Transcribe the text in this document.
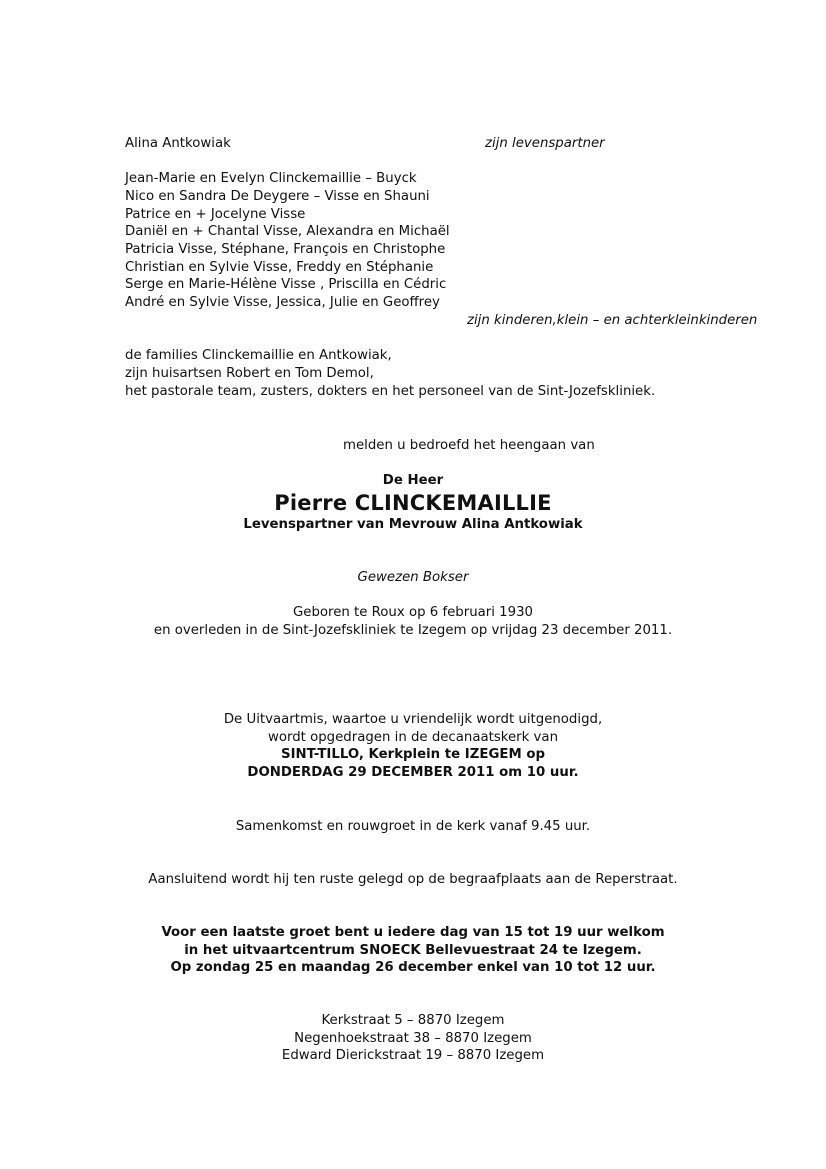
Alina Antkowiak	zijn levenspartner
Jean-Marie en Evelyn Clinckemaillie – Buyck
Nico en Sandra De Deygere – Visse en Shauni
Patrice en + Jocelyne Visse
Daniël en + Chantal Visse, Alexandra en Michaël
Patricia Visse, Stéphane, François en Christophe
Christian en Sylvie Visse, Freddy en Stéphanie
Serge en Marie-Hélène Visse , Priscilla en Cédric
André en Sylvie Visse, Jessica, Julie en Geoffrey
zijn kinderen,klein – en achterkleinkinderen
de families Clinckemaillie en Antkowiak,
zijn huisartsen Robert en Tom Demol,
het pastorale team, zusters, dokters en het personeel van de Sint-Jozefskliniek.
melden u bedroefd het heengaan van
De Heer
Pierre CLINCKEMAILLIE
Levenspartner van Mevrouw Alina Antkowiak
Gewezen Bokser
Geboren te Roux op 6 februari 1930
en overleden in de Sint-Jozefskliniek te Izegem op vrijdag 23 december 2011.
De Uitvaartmis, waartoe u vriendelijk wordt uitgenodigd,
wordt opgedragen in de decanaatskerk van
SINT-TILLO, Kerkplein te IZEGEM op
DONDERDAG 29 DECEMBER 2011 om 10 uur.
Samenkomst en rouwgroet in de kerk vanaf 9.45 uur.
Aansluitend wordt hij ten ruste gelegd op de begraafplaats aan de Reperstraat.
Voor een laatste groet bent u iedere dag van 15 tot 19 uur welkom
in het uitvaartcentrum SNOECK Bellevuestraat 24 te Izegem.
Op zondag 25 en maandag 26 december enkel van 10 tot 12 uur.
Kerkstraat 5 – 8870 Izegem
Negenhoekstraat 38 – 8870 Izegem
Edward Dierickstraat 19 – 8870 Izegem
